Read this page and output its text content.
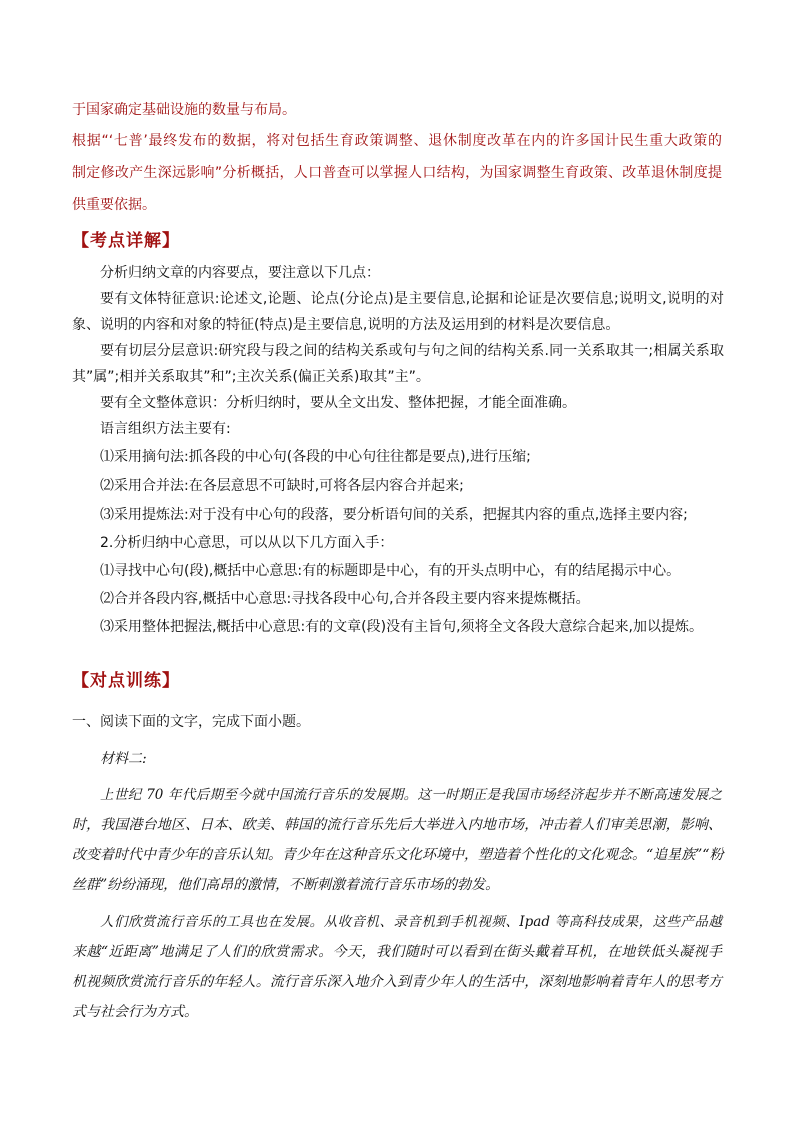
于国家确定基础设施的数量与布局。
根据“‘七普’最终发布的数据，将对包括生育政策调整、退休制度改革在内的许多国计民生重大政策的
制定修改产生深远影响”分析概括，人口普查可以掌握人口结构，为国家调整生育政策、改革退休制度提
供重要依据。
【考点详解】
分析归纳文章的内容要点，要注意以下几点：
要有文体特征意识:论述文,论题、论点(分论点)是主要信息,论据和论证是次要信息;说明文,说明的对
象、说明的内容和对象的特征(特点)是主要信息,说明的方法及运用到的材料是次要信息。
要有切层分层意识:研究段与段之间的结构关系或句与句之间的结构关系.同一关系取其一;相属关系取
其”属”;相并关系取其”和”;主次关系(偏正关系)取其”主”。
要有全文整体意识：分析归纳时，要从全文出发、整体把握，才能全面准确。
语言组织方法主要有:
⑴采用摘句法:抓各段的中心句(各段的中心句往往都是要点),进行压缩;
⑵采用合并法:在各层意思不可缺时,可将各层内容合并起来;
⑶采用提炼法:对于没有中心句的段落，要分析语句间的关系，把握其内容的重点,选择主要内容;
2.分析归纳中心意思，可以从以下几方面入手：
⑴寻找中心句(段),概括中心意思:有的标题即是中心，有的开头点明中心，有的结尾揭示中心。
⑵合并各段内容,概括中心意思:寻找各段中心句,合并各段主要内容来提炼概括。
⑶采用整体把握法,概括中心意思:有的文章(段)没有主旨句,须将全文各段大意综合起来,加以提炼。
【对点训练】
一、阅读下面的文字，完成下面小题。
材料二:
上世纪 70 年代后期至今就中国流行音乐的发展期。这一时期正是我国市场经济起步并不断高速发展之
时，我国港台地区、日本、欧美、韩国的流行音乐先后大举进入内地市场，冲击着人们审美思潮，影响、
改变着时代中青少年的音乐认知。青少年在这种音乐文化环境中，塑造着个性化的文化观念。“追星族”“粉
丝群”纷纷涌现，他们高昂的激情，不断刺激着流行音乐市场的勃发。
人们欣赏流行音乐的工具也在发展。从收音机、录音机到手机视频、Ipad 等高科技成果，这些产品越
来越“近距离”地满足了人们的欣赏需求。今天，我们随时可以看到在街头戴着耳机，在地铁低头凝视手
机视频欣赏流行音乐的年轻人。流行音乐深入地介入到青少年人的生活中，深刻地影响着青年人的思考方
式与社会行为方式。
